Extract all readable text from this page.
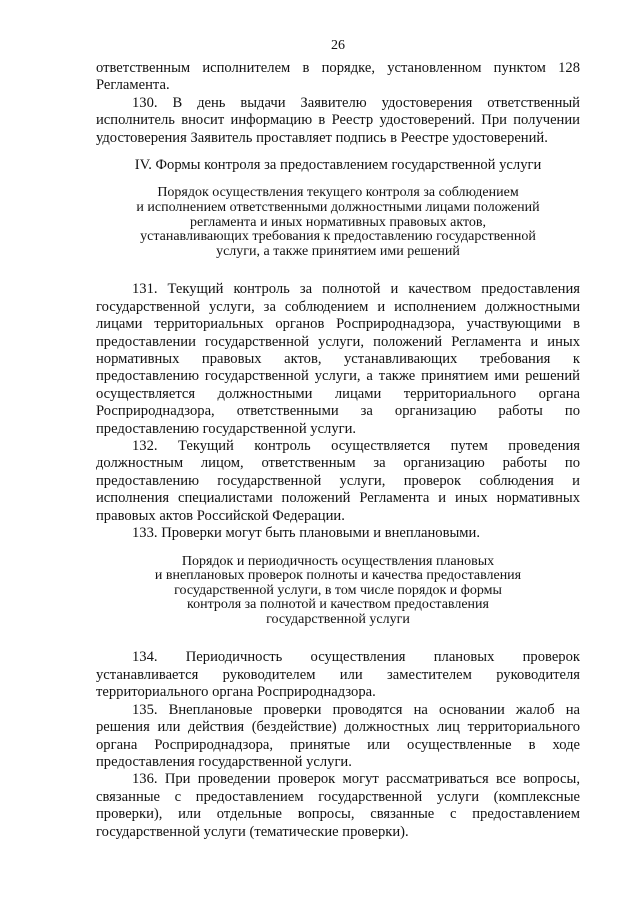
26

ответственным исполнителем в порядке, установленном пунктом 128 Регламента.

130. В день выдачи Заявителю удостоверения ответственный исполнитель вносит информацию в Реестр удостоверений. При получении удостоверения Заявитель проставляет подпись в Реестре удостоверений.

IV. Формы контроля за предоставлением государственной услуги

Порядок осуществления текущего контроля за соблюдением
и исполнением ответственными должностными лицами положений
регламента и иных нормативных правовых актов,
устанавливающих требования к предоставлению государственной
услуги, а также принятием ими решений

131. Текущий контроль за полнотой и качеством предоставления государственной услуги, за соблюдением и исполнением должностными лицами территориальных органов Росприроднадзора, участвующими в предоставлении государственной услуги, положений Регламента и иных нормативных правовых актов, устанавливающих требования к предоставлению государственной услуги, а также принятием ими решений осуществляется должностными лицами территориального органа Росприроднадзора, ответственными за организацию работы по предоставлению государственной услуги.

132. Текущий контроль осуществляется путем проведения должностным лицом, ответственным за организацию работы по предоставлению государственной услуги, проверок соблюдения и исполнения специалистами положений Регламента и иных нормативных правовых актов Российской Федерации.

133. Проверки могут быть плановыми и внеплановыми.

Порядок и периодичность осуществления плановых
и внеплановых проверок полноты и качества предоставления
государственной услуги, в том числе порядок и формы
контроля за полнотой и качеством предоставления
государственной услуги

134. Периодичность осуществления плановых проверок устанавливается руководителем или заместителем руководителя территориального органа Росприроднадзора.

135. Внеплановые проверки проводятся на основании жалоб на решения или действия (бездействие) должностных лиц территориального органа Росприроднадзора, принятые или осуществленные в ходе предоставления государственной услуги.

136. При проведении проверок могут рассматриваться все вопросы, связанные с предоставлением государственной услуги (комплексные проверки), или отдельные вопросы, связанные с предоставлением государственной услуги (тематические проверки).
